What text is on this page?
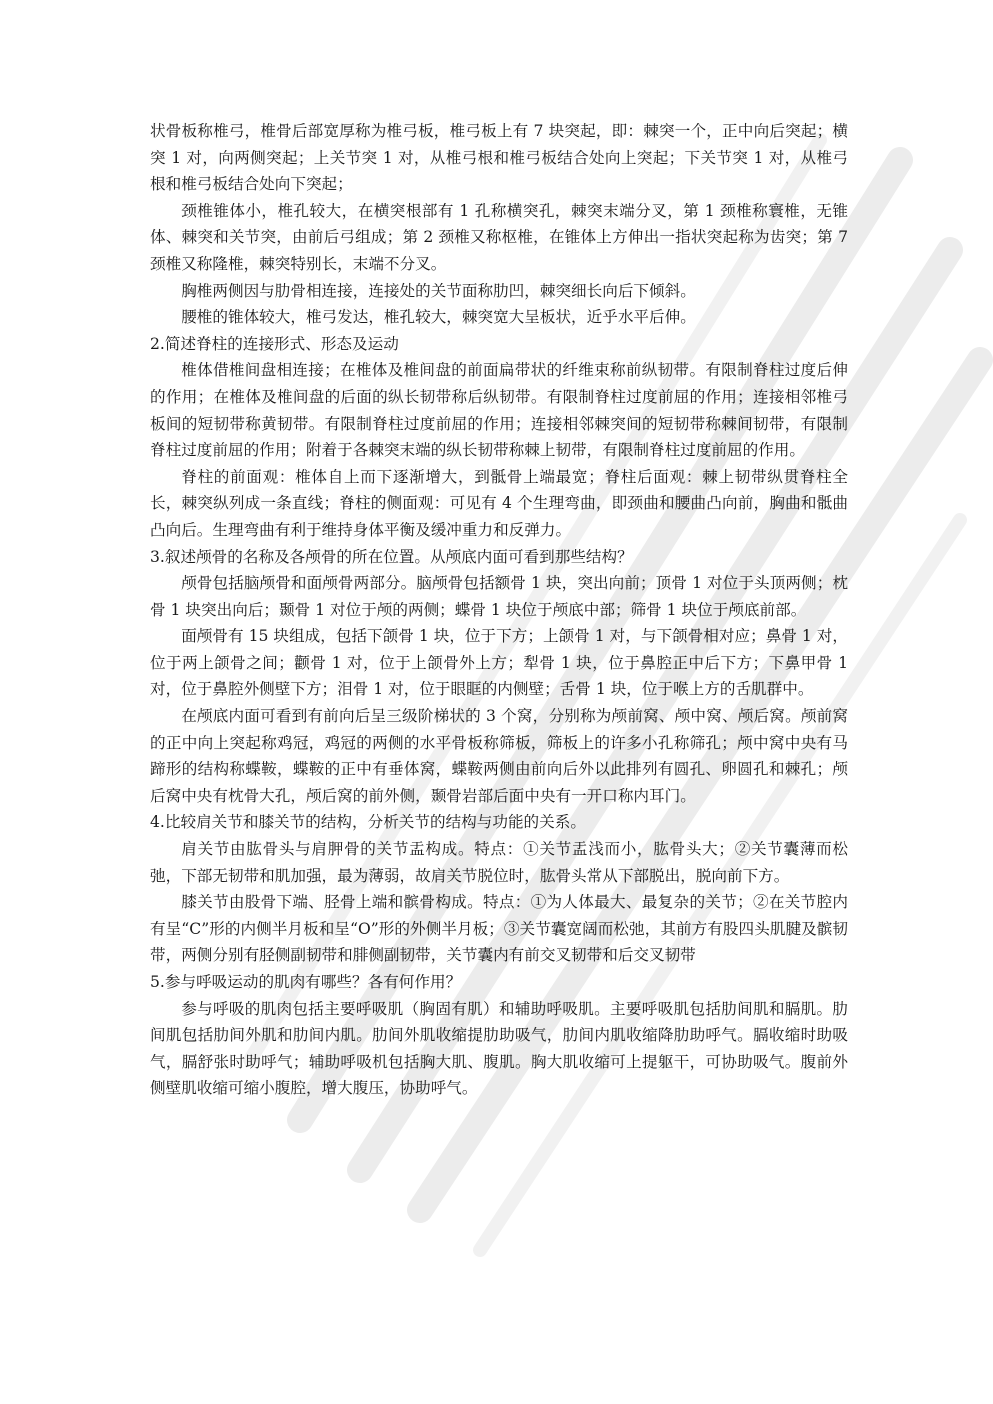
状骨板称椎弓，椎骨后部宽厚称为椎弓板，椎弓板上有 7 块突起，即：棘突一个，正中向后突起；横突 1 对，向两侧突起；上关节突 1 对，从椎弓根和椎弓板结合处向上突起；下关节突 1 对，从椎弓根和椎弓板结合处向下突起；

颈椎锥体小，椎孔较大，在横突根部有 1 孔称横突孔，棘突末端分叉，第 1 颈椎称寰椎，无锥体、棘突和关节突，由前后弓组成；第 2 颈椎又称枢椎，在锥体上方伸出一指状突起称为齿突；第 7 颈椎又称隆椎，棘突特别长，末端不分叉。

胸椎两侧因与肋骨相连接，连接处的关节面称肋凹，棘突细长向后下倾斜。

腰椎的锥体较大，椎弓发达，椎孔较大，棘突宽大呈板状，近乎水平后伸。

2.简述脊柱的连接形式、形态及运动

椎体借椎间盘相连接；在椎体及椎间盘的前面扁带状的纤维束称前纵韧带。有限制脊柱过度后伸的作用；在椎体及椎间盘的后面的纵长韧带称后纵韧带。有限制脊柱过度前屈的作用；连接相邻椎弓板间的短韧带称黄韧带。有限制脊柱过度前屈的作用；连接相邻棘突间的短韧带称棘间韧带，有限制脊柱过度前屈的作用；附着于各棘突末端的纵长韧带称棘上韧带，有限制脊柱过度前屈的作用。

脊柱的前面观：椎体自上而下逐渐增大，到骶骨上端最宽；脊柱后面观：棘上韧带纵贯脊柱全长，棘突纵列成一条直线；脊柱的侧面观：可见有 4 个生理弯曲，即颈曲和腰曲凸向前，胸曲和骶曲凸向后。生理弯曲有利于维持身体平衡及缓冲重力和反弹力。

3.叙述颅骨的名称及各颅骨的所在位置。从颅底内面可看到那些结构？

颅骨包括脑颅骨和面颅骨两部分。脑颅骨包括额骨 1 块，突出向前；顶骨 1 对位于头顶两侧；枕骨 1 块突出向后；颞骨 1 对位于颅的两侧；蝶骨 1 块位于颅底中部；筛骨 1 块位于颅底前部。

面颅骨有 15 块组成，包括下颌骨 1 块，位于下方；上颌骨 1 对，与下颌骨相对应；鼻骨 1 对，位于两上颌骨之间；颧骨 1 对，位于上颌骨外上方；犁骨 1 块，位于鼻腔正中后下方；下鼻甲骨 1 对，位于鼻腔外侧壁下方；泪骨 1 对，位于眼眶的内侧壁；舌骨 1 块，位于喉上方的舌肌群中。

在颅底内面可看到有前向后呈三级阶梯状的 3 个窝，分别称为颅前窝、颅中窝、颅后窝。颅前窝的正中向上突起称鸡冠，鸡冠的两侧的水平骨板称筛板，筛板上的许多小孔称筛孔；颅中窝中央有马蹄形的结构称蝶鞍，蝶鞍的正中有垂体窝，蝶鞍两侧由前向后外以此排列有圆孔、卵圆孔和棘孔；颅后窝中央有枕骨大孔，颅后窝的前外侧，颞骨岩部后面中央有一开口称内耳门。

4.比较肩关节和膝关节的结构，分析关节的结构与功能的关系。

肩关节由肱骨头与肩胛骨的关节盂构成。特点：①关节盂浅而小，肱骨头大；②关节囊薄而松弛，下部无韧带和肌加强，最为薄弱，故肩关节脱位时，肱骨头常从下部脱出，脱向前下方。

膝关节由股骨下端、胫骨上端和髌骨构成。特点：①为人体最大、最复杂的关节；②在关节腔内有呈“C”形的内侧半月板和呈“O”形的外侧半月板；③关节囊宽阔而松弛，其前方有股四头肌腱及髌韧带，两侧分别有胫侧副韧带和腓侧副韧带，关节囊内有前交叉韧带和后交叉韧带

5.参与呼吸运动的肌肉有哪些？各有何作用？

参与呼吸的肌肉包括主要呼吸肌（胸固有肌）和辅助呼吸肌。主要呼吸肌包括肋间肌和膈肌。肋间肌包括肋间外肌和肋间内肌。肋间外肌收缩提肋助吸气，肋间内肌收缩降肋助呼气。膈收缩时助吸气，膈舒张时助呼气；辅助呼吸机包括胸大肌、腹肌。胸大肌收缩可上提躯干，可协助吸气。腹前外侧壁肌收缩可缩小腹腔，增大腹压，协助呼气。
